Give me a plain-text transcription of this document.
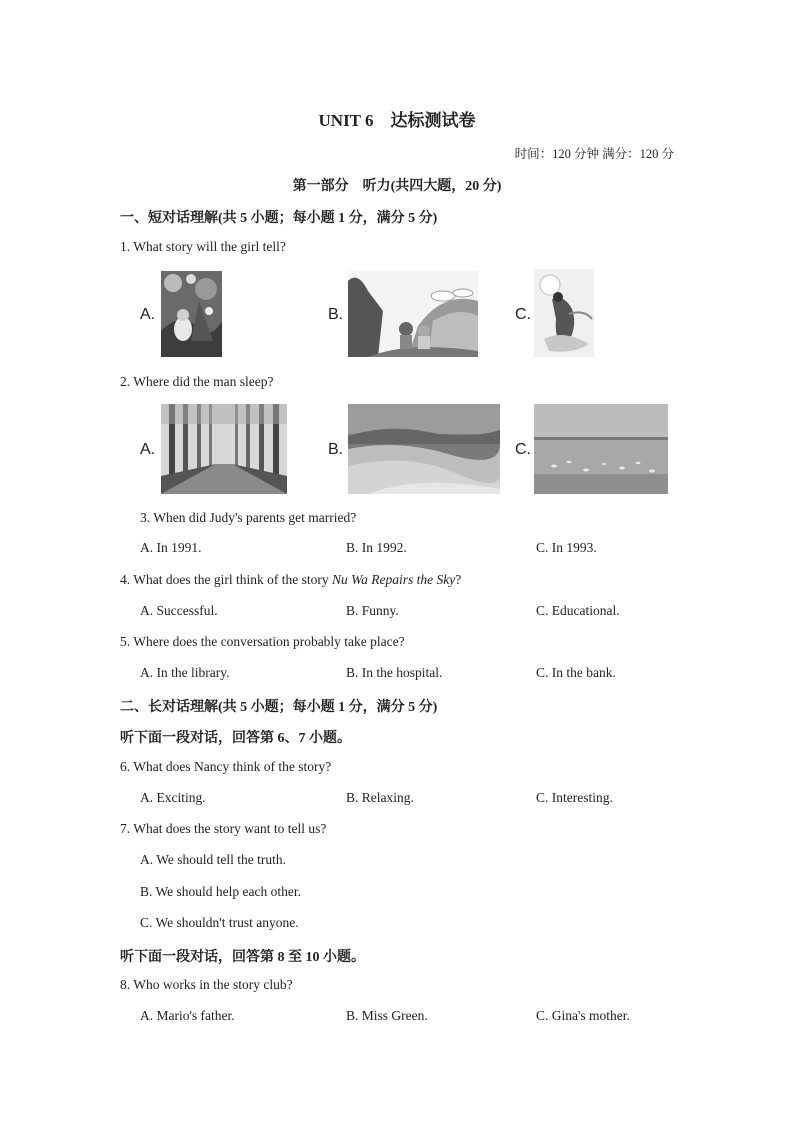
UNIT 6　达标测试卷
时间：120 分钟 满分：120 分
第一部分　听力(共四大题，20 分)
一、短对话理解(共 5 小题；每小题 1 分，满分 5 分)
1. What story will the girl tell?
A.	B.	C.
2. Where did the man sleep?
A.	B.	C.
3. When did Judy's parents get married?
A. In 1991.	B. In 1992.	C. In 1993.
4. What does the girl think of the story Nu Wa Repairs the Sky?
A. Successful.	B. Funny.	C. Educational.
5. Where does the conversation probably take place?
A. In the library.	B. In the hospital.	C. In the bank.
二、长对话理解(共 5 小题；每小题 1 分，满分 5 分)
听下面一段对话，回答第 6、7 小题。
6. What does Nancy think of the story?
A. Exciting.	B. Relaxing.	C. Interesting.
7. What does the story want to tell us?
A. We should tell the truth.
B. We should help each other.
C. We shouldn't trust anyone.
听下面一段对话，回答第 8 至 10 小题。
8. Who works in the story club?
A. Mario's father.	B. Miss Green.	C. Gina's mother.
